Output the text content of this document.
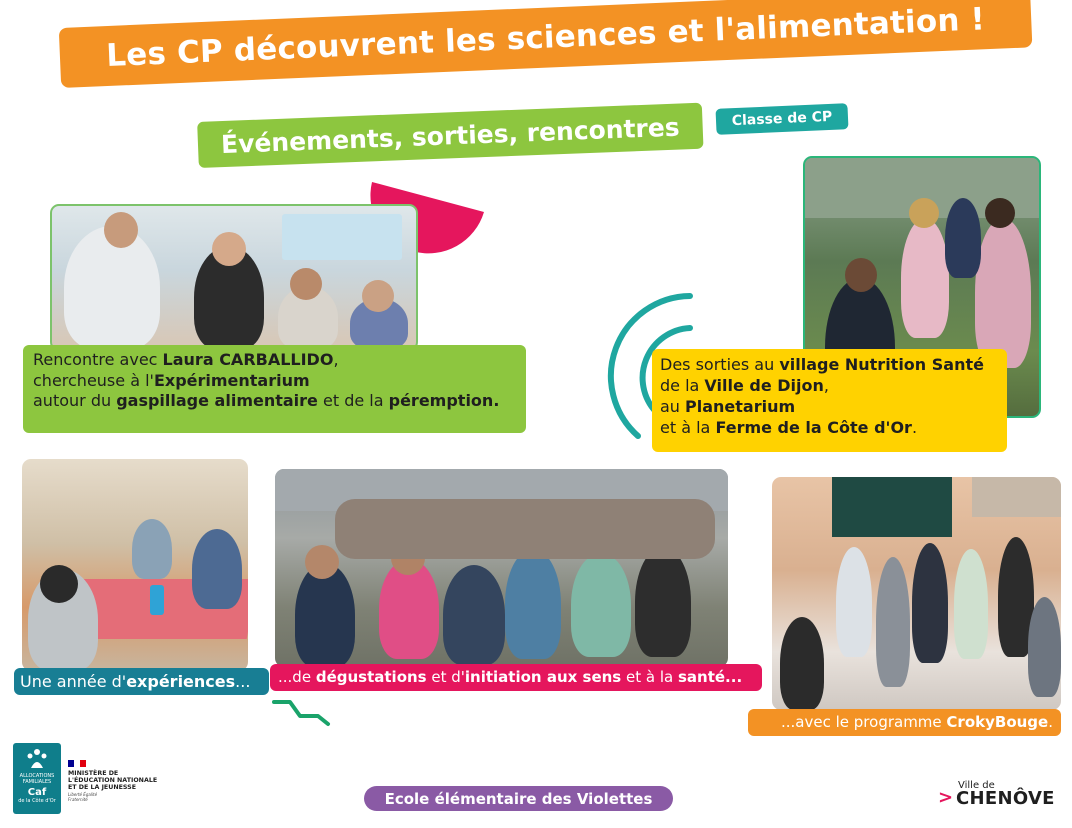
Les CP découvrent les sciences et l'alimentation !
Événements, sorties, rencontres	Classe de CP
Rencontre avec Laura CARBALLIDO,
chercheuse à l'Expérimentarium
autour du gaspillage alimentaire et de la péremption.
Des sorties au village Nutrition Santé
de la Ville de Dijon,
au Planetarium
et à la Ferme de la Côte d'Or.
Une année d'expériences...	...de dégustations et d'initiation aux sens et à la santé...
...avec le programme CrokyBouge.
ALLOCATIONS FAMILIALES
Caf
de la Côte d'Or
MINISTÈRE DE L'ÉDUCATION NATIONALE ET DE LA JEUNESSE
Liberté Égalité Fraternité	Ecole élémentaire des Violettes
Ville de
> CHENÔVE
